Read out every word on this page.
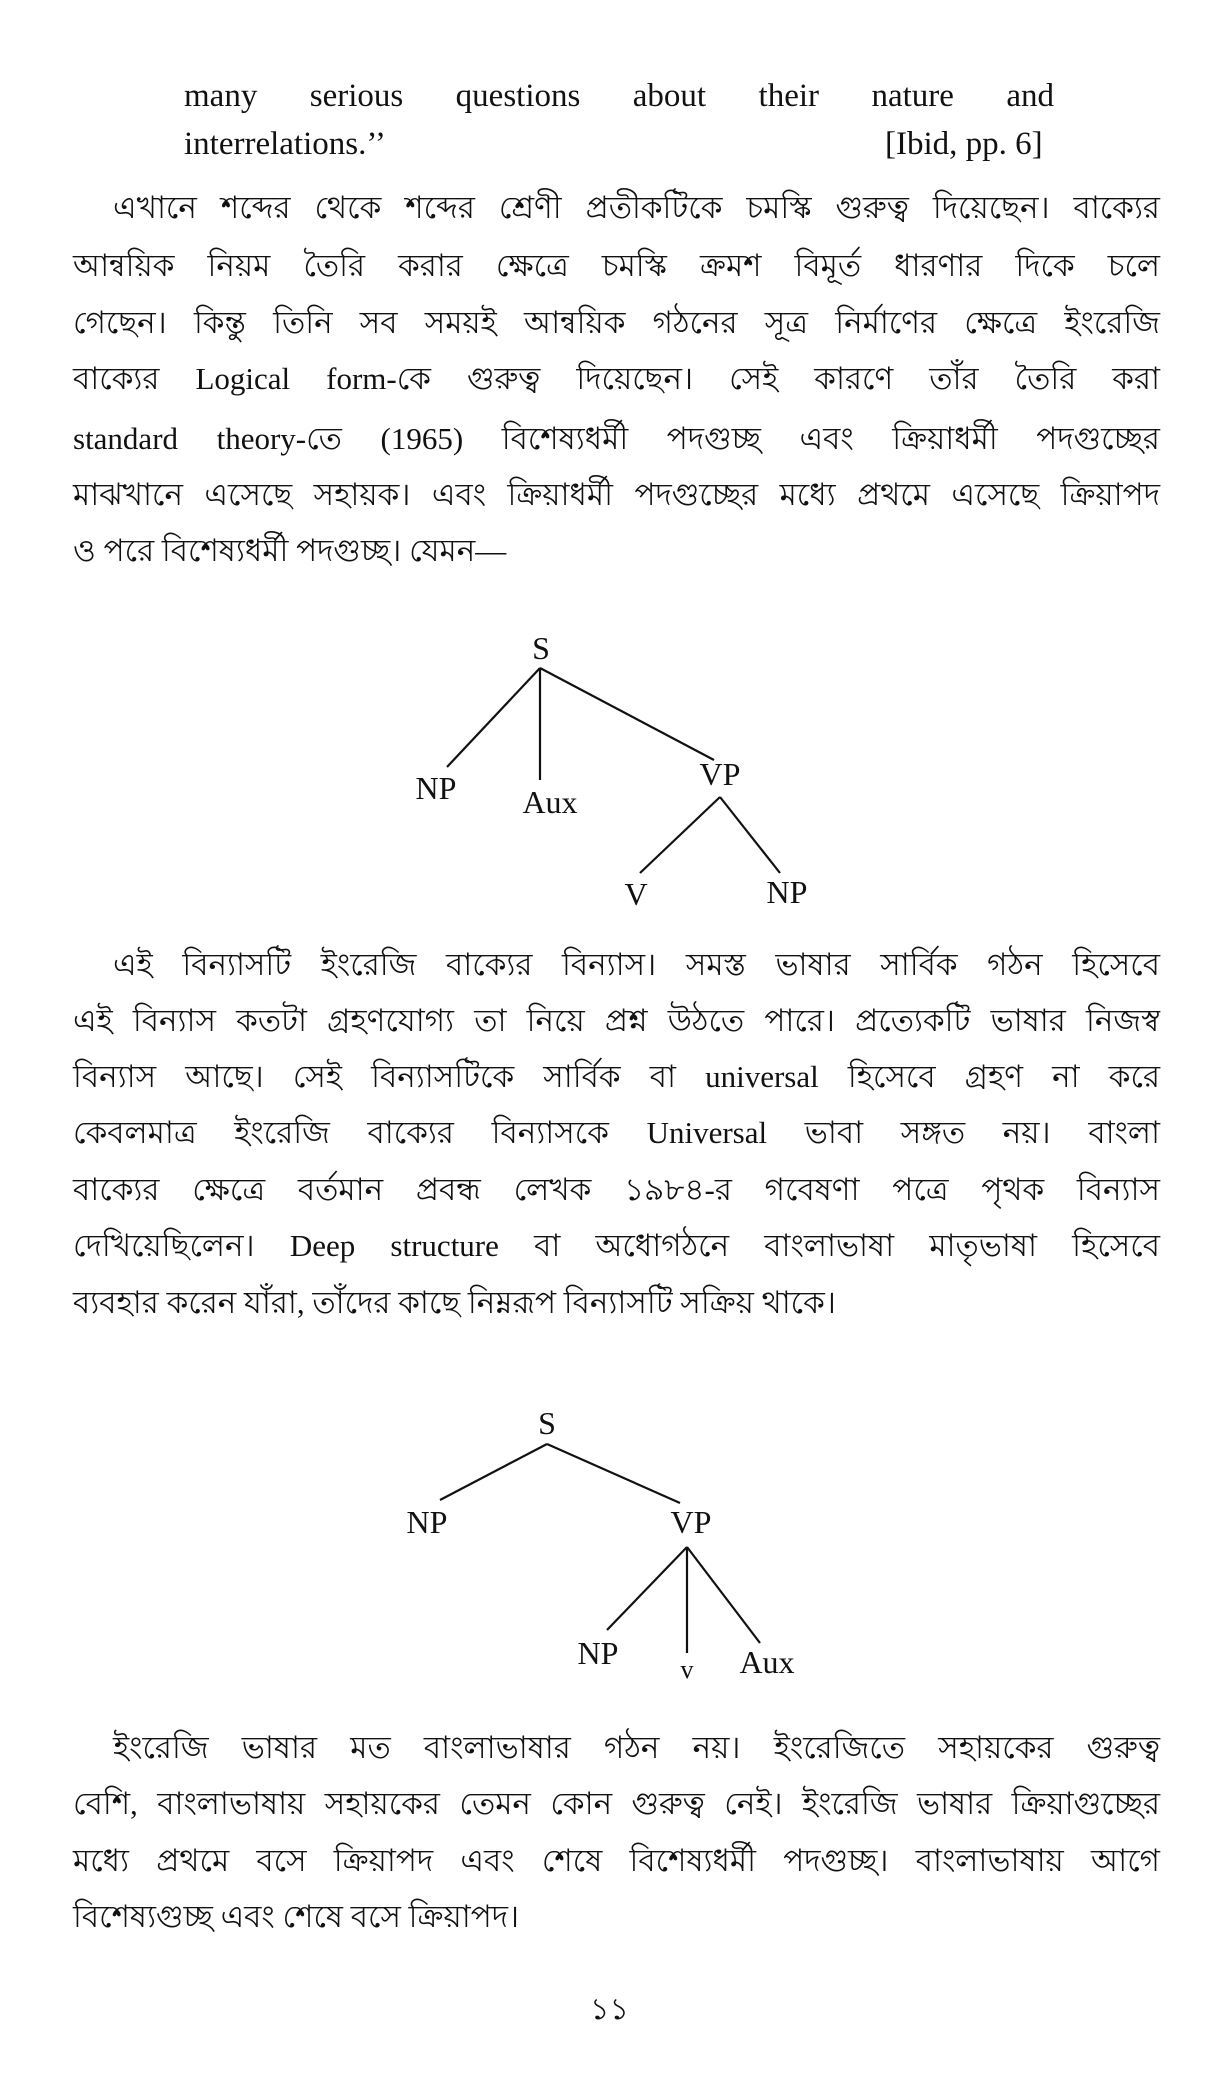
many serious questions about their nature and
interrelations.’’	[Ibid, pp. 6]
এখানে শব্দের থেকে শব্দের শ্রেণী প্রতীকটিকে চমস্কি গুরুত্ব দিয়েছেন। বাক্যের
আন্বয়িক নিয়ম তৈরি করার ক্ষেত্রে চমস্কি ক্রমশ বিমূর্ত ধারণার দিকে চলে
গেছেন। কিন্তু তিনি সব সময়ই আন্বয়িক গঠনের সূত্র নির্মাণের ক্ষেত্রে ইংরেজি
বাক্যের Logical form-কে গুরুত্ব দিয়েছেন। সেই কারণে তাঁর তৈরি করা
standard theory-তে (1965) বিশেষ্যধর্মী পদগুচ্ছ এবং ক্রিয়াধর্মী পদগুচ্ছের
মাঝখানে এসেছে সহায়ক। এবং ক্রিয়াধর্মী পদগুচ্ছের মধ্যে প্রথমে এসেছে ক্রিয়াপদ
ও পরে বিশেষ্যধর্মী পদগুচ্ছ। যেমন—
S
NP Aux
VP
V	NP
এই বিন্যাসটি ইংরেজি বাক্যের বিন্যাস। সমস্ত ভাষার সার্বিক গঠন হিসেবে
এই বিন্যাস কতটা গ্রহণযোগ্য তা নিয়ে প্রশ্ন উঠতে পারে। প্রত্যেকটি ভাষার নিজস্ব
বিন্যাস আছে। সেই বিন্যাসটিকে সার্বিক বা universal হিসেবে গ্রহণ না করে
কেবলমাত্র ইংরেজি বাক্যের বিন্যাসকে Universal ভাবা সঙ্গত নয়। বাংলা
বাক্যের ক্ষেত্রে বর্তমান প্রবন্ধ লেখক ১৯৮৪-র গবেষণা পত্রে পৃথক বিন্যাস
দেখিয়েছিলেন। Deep structure বা অধোগঠনে বাংলাভাষা মাতৃভাষা হিসেবে
ব্যবহার করেন যাঁরা, তাঁদের কাছে নিম্নরূপ বিন্যাসটি সক্রিয় থাকে।
S
NP	VP
NP v Aux
ইংরেজি ভাষার মত বাংলাভাষার গঠন নয়। ইংরেজিতে সহায়কের গুরুত্ব
বেশি, বাংলাভাষায় সহায়কের তেমন কোন গুরুত্ব নেই। ইংরেজি ভাষার ক্রিয়াগুচ্ছের
মধ্যে প্রথমে বসে ক্রিয়াপদ এবং শেষে বিশেষ্যধর্মী পদগুচ্ছ। বাংলাভাষায় আগে
বিশেষ্যগুচ্ছ এবং শেষে বসে ক্রিয়াপদ।
১১
